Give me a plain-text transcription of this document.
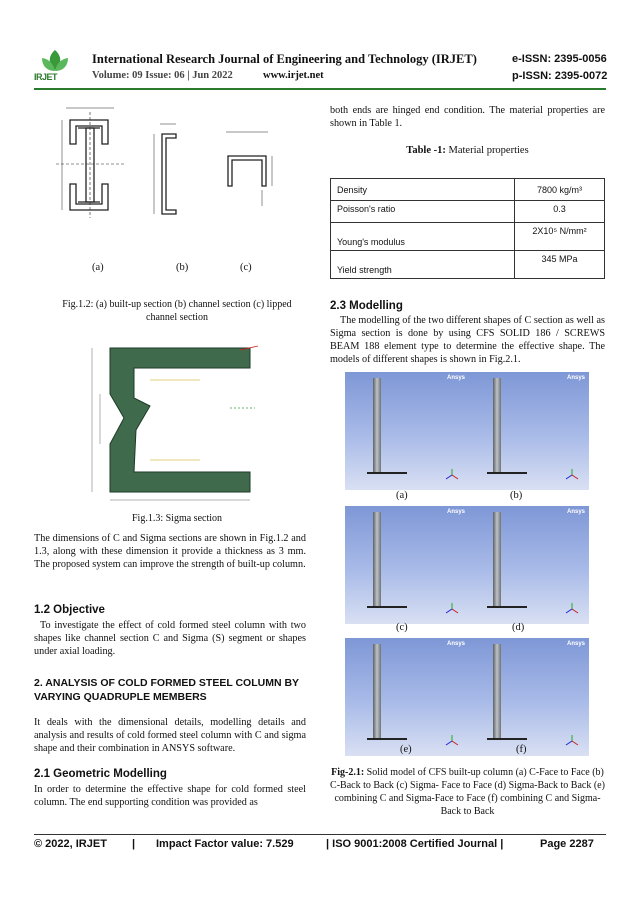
IRJET
International Research Journal of Engineering and Technology (IRJET)	e-ISSN: 2395-0056
Volume: 09 Issue: 06 | Jun 2022	www.irjet.net	p-ISSN: 2395-0072
(a)	(b)	(c)
Fig.1.2: (a) built-up section (b) channel section (c) lipped channel section
Fig.1.3: Sigma section
The dimensions of C and Sigma sections are shown in Fig.1.2 and 1.3, along with these dimension it provide a thickness as 3 mm. The proposed system can improve the strength of built-up column.
1.2 Objective
To investigate the effect of cold formed steel column with two shapes like channel section C and Sigma (S) segment or shapes under axial loading.
2. ANALYSIS OF COLD FORMED STEEL COLUMN BY VARYING QUADRUPLE MEMBERS
It deals with the dimensional details, modelling details and analysis and results of cold formed steel column with C and sigma shape and their combination in ANSYS software.
2.1 Geometric Modelling
In order to determine the effective shape for cold formed steel column. The end supporting condition was provided as
both ends are hinged end condition. The material properties are shown in Table 1.
Table -1: Material properties
Density	7800 kg/m³
Poisson's ratio	0.3
Young's modulus	2X10⁵ N/mm²
Yield strength	345 MPa
2.3 Modelling
The modelling of the two different shapes of C section as well as Sigma section is done by using CFS SOLID 186 / SCREWS BEAM 188 element type to determine the effective shape. The models of different shapes is shown in Fig.2.1.
Ansys	Ansys
(a)	(b)
Ansys	Ansys
(c)	(d)
Ansys	Ansys
(e)	(f)
Fig-2.1: Solid model of CFS built-up column (a) C-Face to Face (b) C-Back to Back (c) Sigma- Face to Face (d) Sigma-Back to Back (e) combining C and Sigma-Face to Face (f) combining C and Sigma-Back to Back
© 2022, IRJET | Impact Factor value: 7.529	| ISO 9001:2008 Certified Journal |	Page 2287
